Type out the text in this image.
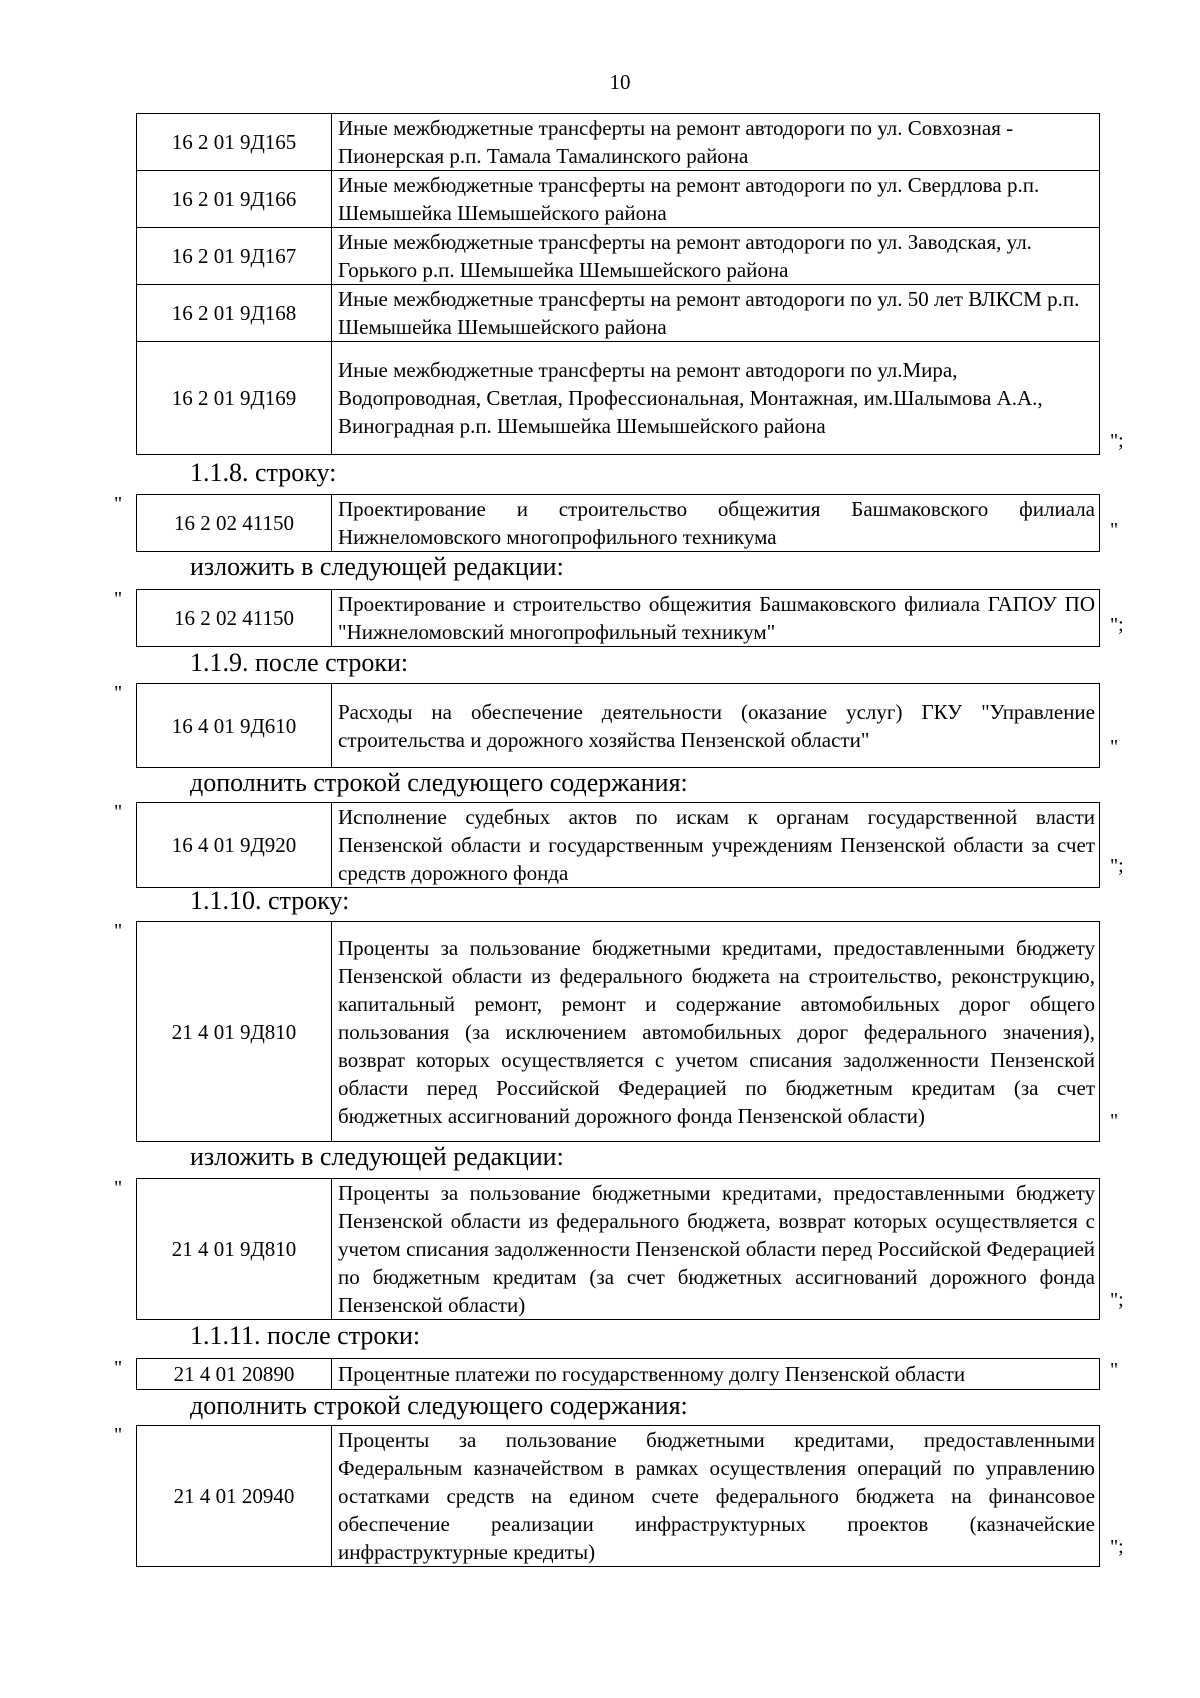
10
16 2 01 9Д165	Иные межбюджетные трансферты на ремонт автодороги по ул. Совхозная - Пионерская р.п. Тамала Тамалинского района
16 2 01 9Д166	Иные межбюджетные трансферты на ремонт автодороги по ул. Свердлова р.п. Шемышейка Шемышейского района
16 2 01 9Д167	Иные межбюджетные трансферты на ремонт автодороги по ул. Заводская, ул. Горького р.п. Шемышейка Шемышейского района
16 2 01 9Д168	Иные межбюджетные трансферты на ремонт автодороги по ул. 50 лет ВЛКСМ р.п. Шемышейка Шемышейского района
16 2 01 9Д169	Иные межбюджетные трансферты на ремонт автодороги по ул.Мира, Водопроводная, Светлая, Профессиональная, Монтажная, им.Шалымова А.А., Виноградная р.п. Шемышейка Шемышейского района
";
1.1.8. строку:
"
16 2 02 41150	Проектирование и строительство общежития Башмаковского филиала Нижнеломовского многопрофильного техникума	"
изложить в следующей редакции:
"
16 2 02 41150	Проектирование и строительство общежития Башмаковского филиала ГАПОУ ПО "Нижнеломовский многопрофильный техникум"	";
1.1.9. после строки:
"
16 4 01 9Д610	Расходы на обеспечение деятельности (оказание услуг) ГКУ "Управление строительства и дорожного хозяйства Пензенской области"	"
дополнить строкой следующего содержания:
"
16 4 01 9Д920	Исполнение судебных актов по искам к органам государственной власти Пензенской области и государственным учреждениям Пензенской области за счет средств дорожного фонда	";
1.1.10. строку:
"
21 4 01 9Д810	Проценты за пользование бюджетными кредитами, предоставленными бюджету Пензенской области из федерального бюджета на строительство, реконструкцию, капитальный ремонт, ремонт и содержание автомобильных дорог общего пользования (за исключением автомобильных дорог федерального значения), возврат которых осуществляется с учетом списания задолженности Пензенской области перед Российской Федерацией по бюджетным кредитам (за счет бюджетных ассигнований дорожного фонда Пензенской области)	"
изложить в следующей редакции:
"
21 4 01 9Д810	Проценты за пользование бюджетными кредитами, предоставленными бюджету Пензенской области из федерального бюджета, возврат которых осуществляется с учетом списания задолженности Пензенской области перед Российской Федерацией по бюджетным кредитам (за счет бюджетных ассигнований дорожного фонда Пензенской области)	";
1.1.11. после строки:
" 21 4 01 20890	Процентные платежи по государственному долгу Пензенской области	"
дополнить строкой следующего содержания:
"
21 4 01 20940	Проценты за пользование бюджетными кредитами, предоставленными Федеральным казначейством в рамках осуществления операций по управлению остатками средств на едином счете федерального бюджета на финансовое обеспечение реализации инфраструктурных проектов (казначейские инфраструктурные кредиты)	";
